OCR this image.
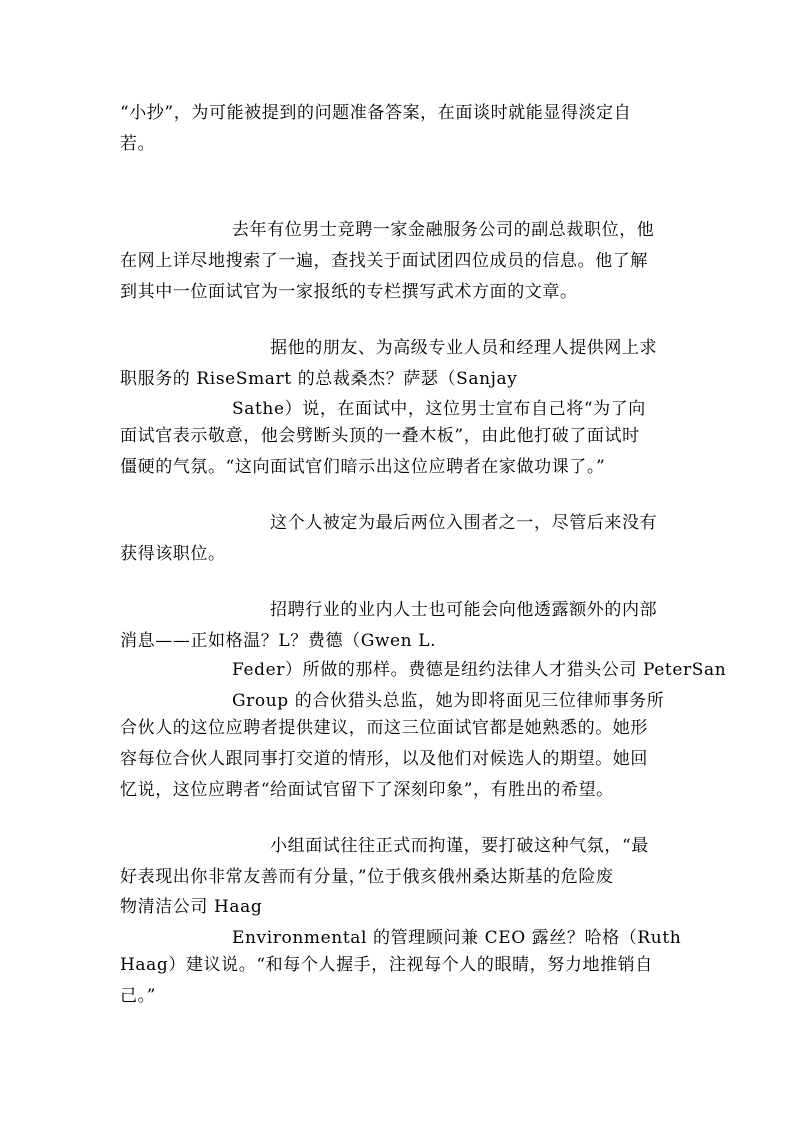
“小抄”，为可能被提到的问题准备答案，在面谈时就能显得淡定自
若。
去年有位男士竞聘一家金融服务公司的副总裁职位，他
在网上详尽地搜索了一遍，查找关于面试团四位成员的信息。他了解
到其中一位面试官为一家报纸的专栏撰写武术方面的文章。
据他的朋友、为高级专业人员和经理人提供网上求
职服务的 RiseSmart 的总裁桑杰？萨瑟（Sanjay
Sathe）说，在面试中，这位男士宣布自己将“为了向
面试官表示敬意，他会劈断头顶的一叠木板”，由此他打破了面试时
僵硬的气氛。“这向面试官们暗示出这位应聘者在家做功课了。”
这个人被定为最后两位入围者之一，尽管后来没有
获得该职位。
招聘行业的业内人士也可能会向他透露额外的内部
消息——正如格温？L？费德（Gwen L.
Feder）所做的那样。费德是纽约法律人才猎头公司 PeterSan
Group 的合伙猎头总监，她为即将面见三位律师事务所
合伙人的这位应聘者提供建议，而这三位面试官都是她熟悉的。她形
容每位合伙人跟同事打交道的情形，以及他们对候选人的期望。她回
忆说，这位应聘者“给面试官留下了深刻印象”，有胜出的希望。
小组面试往往正式而拘谨，要打破这种气氛，“最
好表现出你非常友善而有分量，”位于俄亥俄州桑达斯基的危险废
物清洁公司 Haag
Environmental 的管理顾问兼 CEO 露丝？哈格（Ruth
Haag）建议说。“和每个人握手，注视每个人的眼睛，努力地推销自
己。”
